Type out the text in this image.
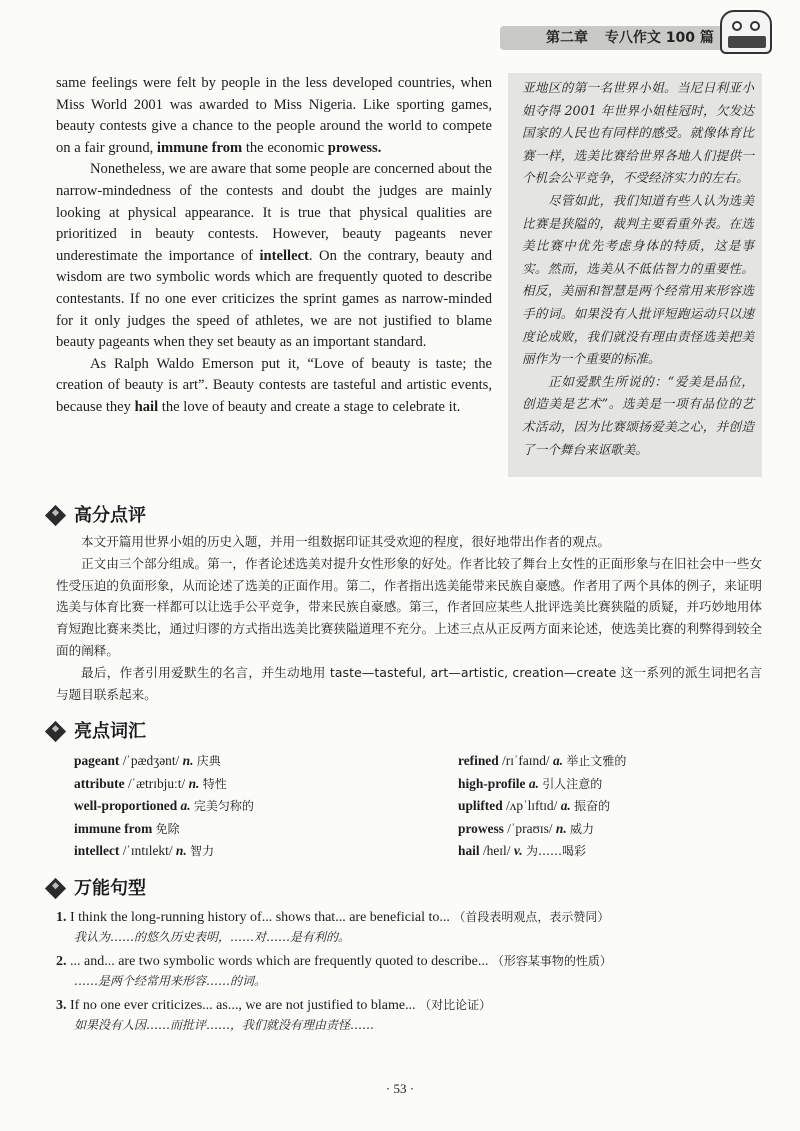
第二章 专八作文 100 篇

same feelings were felt by people in the less developed countries, when Miss World 2001 was awarded to Miss Nigeria. Like sporting games, beauty contests give a chance to the people around the world to compete on a fair ground, immune from the economic prowess.

Nonetheless, we are aware that some people are concerned about the narrow-mindedness of the contests and doubt the judges are mainly looking at physical appearance. It is true that physical qualities are prioritized in beauty contests. However, beauty pageants never underestimate the importance of intellect. On the contrary, beauty and wisdom are two symbolic words which are frequently quoted to describe contestants. If no one ever criticizes the sprint games as narrow-minded for it only judges the speed of athletes, we are not justified to blame beauty pageants when they set beauty as an important standard.

As Ralph Waldo Emerson put it, “Love of beauty is taste; the creation of beauty is art”. Beauty contests are tasteful and artistic events, because they hail the love of beauty and create a stage to celebrate it.

亚地区的第一名世界小姐。当尼日利亚小姐夺得 2001 年世界小姐桂冠时，欠发达国家的人民也有同样的感受。就像体育比赛一样，选美比赛给世界各地人们提供一个机会公平竞争，不受经济实力的左右。

尽管如此，我们知道有些人认为选美比赛是狭隘的，裁判主要看重外表。在选美比赛中优先考虑身体的特质，这是事实。然而，选美从不低估智力的重要性。相反，美丽和智慧是两个经常用来形容选手的词。如果没有人批评短跑运动只以速度论成败，我们就没有理由责怪选美把美丽作为一个重要的标准。

正如爱默生所说的：“爱美是品位，创造美是艺术”。选美是一项有品位的艺术活动，因为比赛颂扬爱美之心，并创造了一个舞台来讴歌美。

高分点评

本文开篇用世界小姐的历史入题，并用一组数据印证其受欢迎的程度，很好地带出作者的观点。

正文由三个部分组成。第一，作者论述选美对提升女性形象的好处。作者比较了舞台上女性的正面形象与在旧社会中一些女性受压迫的负面形象，从而论述了选美的正面作用。第二，作者指出选美能带来民族自豪感。作者用了两个具体的例子，来证明选美与体育比赛一样都可以让选手公平竞争，带来民族自豪感。第三，作者回应某些人批评选美比赛狭隘的质疑，并巧妙地用体育短跑比赛来类比，通过归谬的方式指出选美比赛狭隘道理不充分。上述三点从正反两方面来论述，使选美比赛的利弊得到较全面的阐释。

最后，作者引用爱默生的名言，并生动地用 taste—tasteful, art—artistic, creation—create 这一系列的派生词把名言与题目联系起来。

亮点词汇
pageant /ˈpædʒənt/ n. 庆典
attribute /ˈætrɪbjuːt/ n. 特性
well-proportioned a. 完美匀称的
immune from 免除
intellect /ˈɪntɪlekt/ n. 智力
refined /rɪˈfaɪnd/ a. 举止文雅的
high-profile a. 引人注意的
uplifted /ʌpˈlɪftɪd/ a. 振奋的
prowess /ˈpraʊɪs/ n. 威力
hail /heɪl/ v. 为……喝彩
万能句型
1. I think the long-running history of... shows that... are beneficial to... （首段表明观点，表示赞同）
我认为……的悠久历史表明，……对……是有利的。
2. ... and... are two symbolic words which are frequently quoted to describe... （形容某事物的性质）
……是两个经常用来形容……的词。
3. If no one ever criticizes... as..., we are not justified to blame... （对比论证）
如果没有人因……而批评……，我们就没有理由责怪……
· 53 ·
